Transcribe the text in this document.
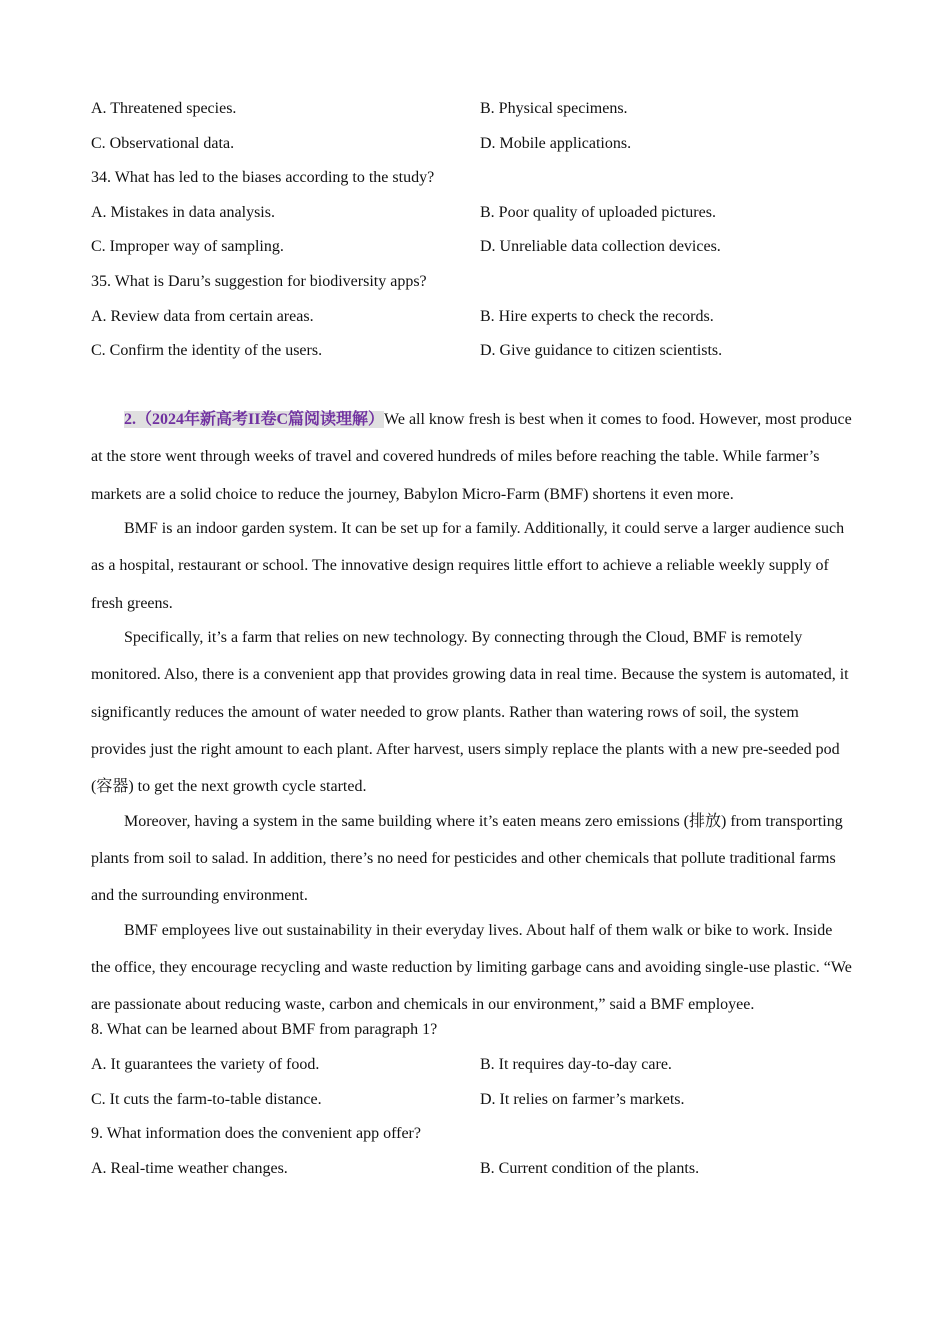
A. Threatened species.	B. Physical specimens.
C. Observational data.	D. Mobile applications.
34. What has led to the biases according to the study?
A. Mistakes in data analysis.	B. Poor quality of uploaded pictures.
C. Improper way of sampling.	D. Unreliable data collection devices.
35. What is Daru’s suggestion for biodiversity apps?
A. Review data from certain areas.	B. Hire experts to check the records.
C. Confirm the identity of the users.	D. Give guidance to citizen scientists.

2.（2024年新高考II卷C篇阅读理解）We all know fresh is best when it comes to food. However, most produce at the store went through weeks of travel and covered hundreds of miles before reaching the table. While farmer’s markets are a solid choice to reduce the journey, Babylon Micro-Farm (BMF) shortens it even more.

BMF is an indoor garden system. It can be set up for a family. Additionally, it could serve a larger audience such as a hospital, restaurant or school. The innovative design requires little effort to achieve a reliable weekly supply of fresh greens.

Specifically, it’s a farm that relies on new technology. By connecting through the Cloud, BMF is remotely monitored. Also, there is a convenient app that provides growing data in real time. Because the system is automated, it significantly reduces the amount of water needed to grow plants. Rather than watering rows of soil, the system provides just the right amount to each plant. After harvest, users simply replace the plants with a new pre-seeded pod (容器) to get the next growth cycle started.

Moreover, having a system in the same building where it’s eaten means zero emissions (排放) from transporting plants from soil to salad. In addition, there’s no need for pesticides and other chemicals that pollute traditional farms and the surrounding environment.

BMF employees live out sustainability in their everyday lives. About half of them walk or bike to work. Inside the office, they encourage recycling and waste reduction by limiting garbage cans and avoiding single-use plastic. “We are passionate about reducing waste, carbon and chemicals in our environment,” said a BMF employee.

8. What can be learned about BMF from paragraph 1?
A. It guarantees the variety of food.	B. It requires day-to-day care.
C. It cuts the farm-to-table distance.	D. It relies on farmer’s markets.
9. What information does the convenient app offer?
A. Real-time weather changes.	B. Current condition of the plants.
